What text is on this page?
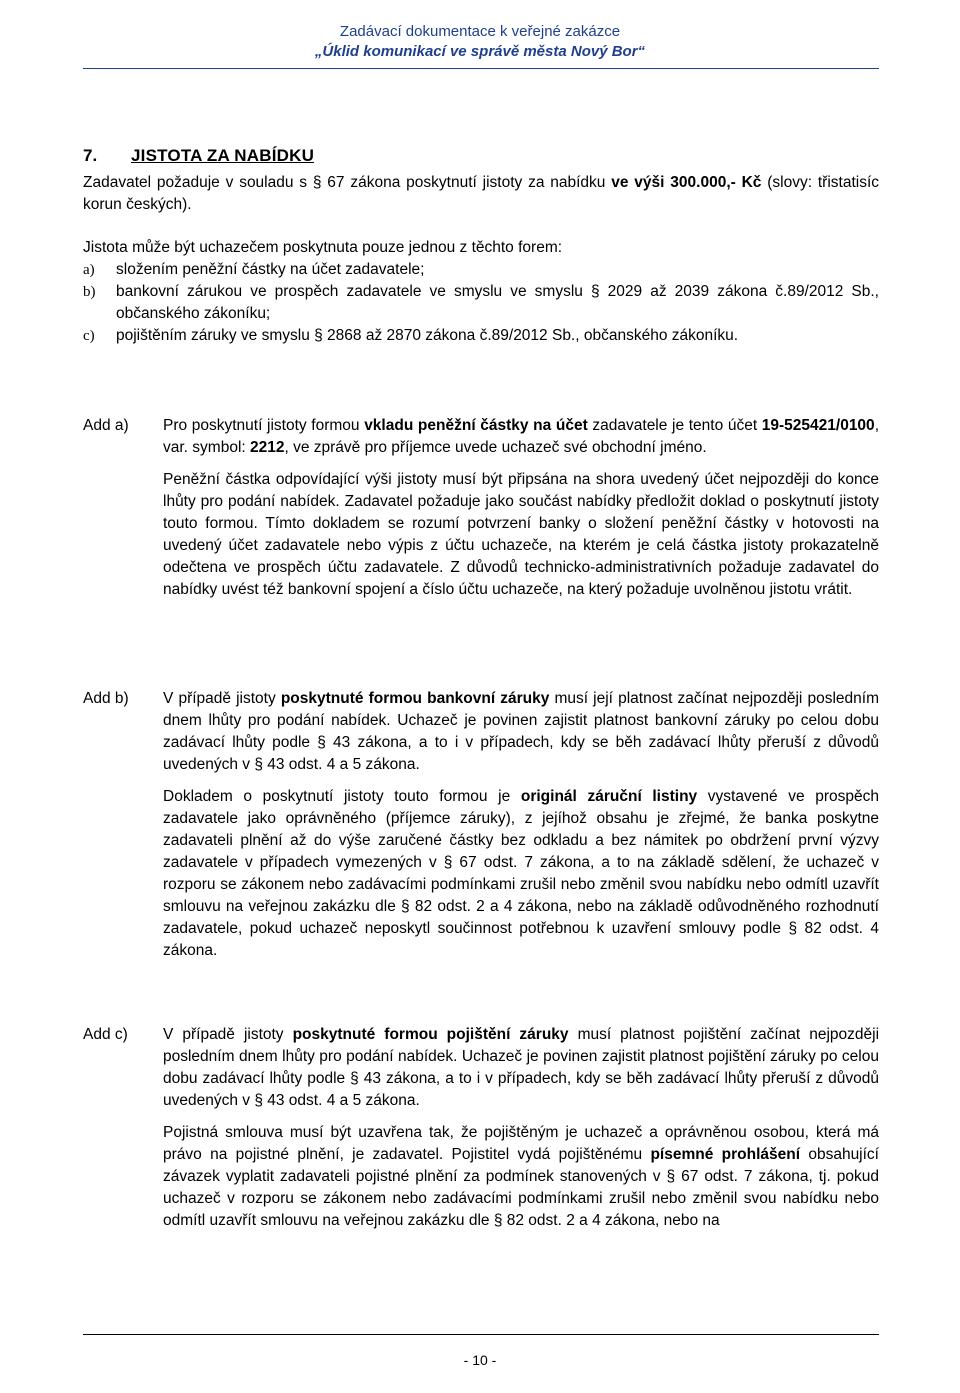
Zadávací dokumentace k veřejné zakázce
„Úklid komunikací ve správě města Nový Bor“
7. JISTOTA ZA NABÍDKU
Zadavatel požaduje v souladu s § 67 zákona poskytnutí jistoty za nabídku ve výši 300.000,- Kč (slovy: třistatisíc korun českých).

Jistota může být uchazečem poskytnuta pouze jednou z těchto forem:

a) složením peněžní částky na účet zadavatele;
b) bankovní zárukou ve prospěch zadavatele ve smyslu ve smyslu § 2029 až 2039 zákona č.89/2012 Sb., občanského zákoníku;
c) pojištěním záruky ve smyslu § 2868 až 2870 zákona č.89/2012 Sb., občanského zákoníku.
Add a) Pro poskytnutí jistoty formou vkladu peněžní částky na účet zadavatele je tento účet 19-525421/0100, var. symbol: 2212, ve zprávě pro příjemce uvede uchazeč své obchodní jméno.

Peněžní částka odpovídající výši jistoty musí být připsána na shora uvedený účet nejpozději do konce lhůty pro podání nabídek. Zadavatel požaduje jako součást nabídky předložit doklad o poskytnutí jistoty touto formou. Tímto dokladem se rozumí potvrzení banky o složení peněžní částky v hotovosti na uvedený účet zadavatele nebo výpis z účtu uchazeče, na kterém je celá částka jistoty prokazatelně odečtena ve prospěch účtu zadavatele. Z důvodů technicko-administrativních požaduje zadavatel do nabídky uvést též bankovní spojení a číslo účtu uchazeče, na který požaduje uvolněnou jistotu vrátit.

Add b) V případě jistoty poskytnuté formou bankovní záruky musí její platnost začínat nejpozději posledním dnem lhůty pro podání nabídek. Uchazeč je povinen zajistit platnost bankovní záruky po celou dobu zadávací lhůty podle § 43 zákona, a to i v případech, kdy se běh zadávací lhůty přeruší z důvodů uvedených v § 43 odst. 4 a 5 zákona.

Dokladem o poskytnutí jistoty touto formou je originál záruční listiny vystavené ve prospěch zadavatele jako oprávněného (příjemce záruky), z jejíhož obsahu je zřejmé, že banka poskytne zadavateli plnění až do výše zaručené částky bez odkladu a bez námitek po obdržení první výzvy zadavatele v případech vymezených v § 67 odst. 7 zákona, a to na základě sdělení, že uchazeč v rozporu se zákonem nebo zadávacími podmínkami zrušil nebo změnil svou nabídku nebo odmítl uzavřít smlouvu na veřejnou zakázku dle § 82 odst. 2 a 4 zákona, nebo na základě odůvodněného rozhodnutí zadavatele, pokud uchazeč neposkytl součinnost potřebnou k uzavření smlouvy podle § 82 odst. 4 zákona.

Add c) V případě jistoty poskytnuté formou pojištění záruky musí platnost pojištění začínat nejpozději posledním dnem lhůty pro podání nabídek. Uchazeč je povinen zajistit platnost pojištění záruky po celou dobu zadávací lhůty podle § 43 zákona, a to i v případech, kdy se běh zadávací lhůty přeruší z důvodů uvedených v § 43 odst. 4 a 5 zákona.

Pojistná smlouva musí být uzavřena tak, že pojištěným je uchazeč a oprávněnou osobou, která má právo na pojistné plnění, je zadavatel. Pojistitel vydá pojištěnému písemné prohlášení obsahující závazek vyplatit zadavateli pojistné plnění za podmínek stanovených v § 67 odst. 7 zákona, tj. pokud uchazeč v rozporu se zákonem nebo zadávacími podmínkami zrušil nebo změnil svou nabídku nebo odmítl uzavřít smlouvu na veřejnou zakázku dle § 82 odst. 2 a 4 zákona, nebo na

- 10 -
